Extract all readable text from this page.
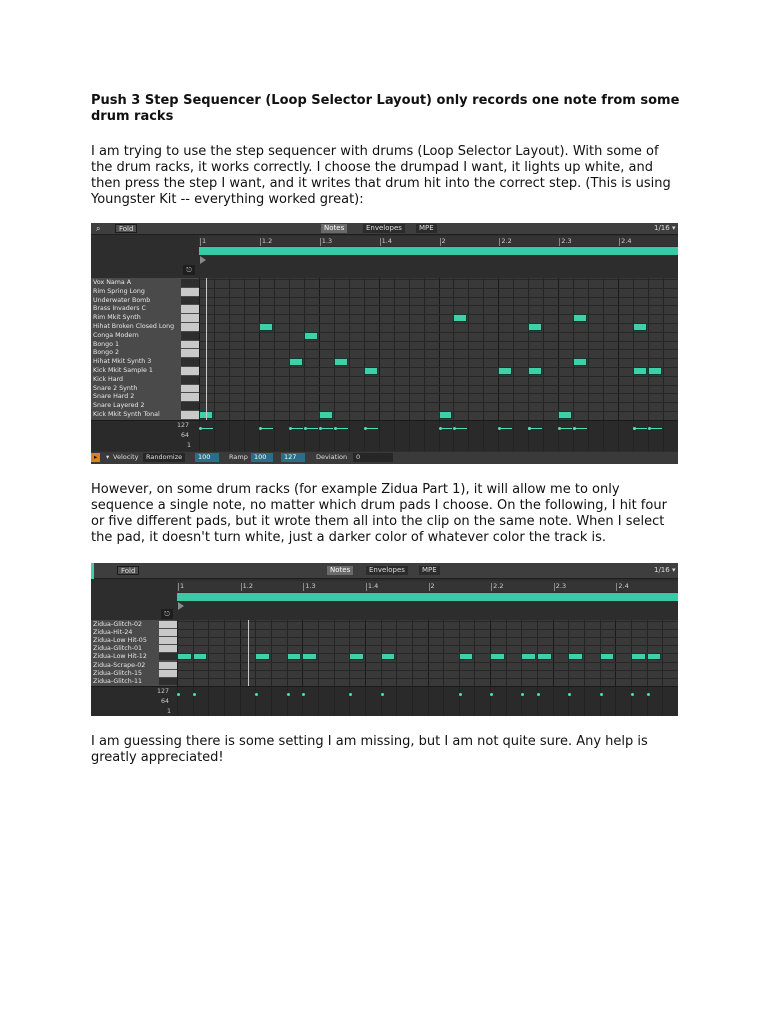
Push 3 Step Sequencer (Loop Selector Layout) only records one note from some drum racks

I am trying to use the step sequencer with drums (Loop Selector Layout). With some of the drum racks, it works correctly. I choose the drumpad I want, it lights up white, and then press the step I want, and it writes that drum hit into the correct step. (This is using Youngster Kit -- everything worked great):

⌕	Fold	Notes	Envelopes	MPE	1/16 ▾
1	1.2	1.3	1.4	2	2.2	2.3	2.4
⎋
Vox Nama A
Rim Spring Long
Underwater Bomb
Brass Invaders C
Rim Mkit Synth
Hihat Broken Closed Long
Conga Modern
Bongo 1
Bongo 2
Hihat Mkit Synth 3
Kick Mkit Sample 1
Kick Hard
Snare 2 Synth
Snare Hard 2
Snare Layered 2
Kick Mkit Synth Tonal
127
64
1
▸	▾ Velocity	Randomize	100	Ramp 100	127	Deviation	0

However, on some drum racks (for example Zidua Part 1), it will allow me to only sequence a single note, no matter which drum pads I choose. On the following, I hit four or five different pads, but it wrote them all into the clip on the same note. When I select the pad, it doesn't turn white, just a darker color of whatever color the track is.

Fold	Notes	Envelopes	MPE	1/16 ▾
1	1.2	1.3	1.4	2	2.2	2.3	2.4
⎋
Zidua-Glitch-02
Zidua-Hit-24
Zidua-Low Hit-05
Zidua-Glitch-01
Zidua-Low Hit-12
Zidua-Scrape-02
Zidua-Glitch-15
Zidua-Glitch-11
127
64
1

I am guessing there is some setting I am missing, but I am not quite sure. Any help is greatly appreciated!
